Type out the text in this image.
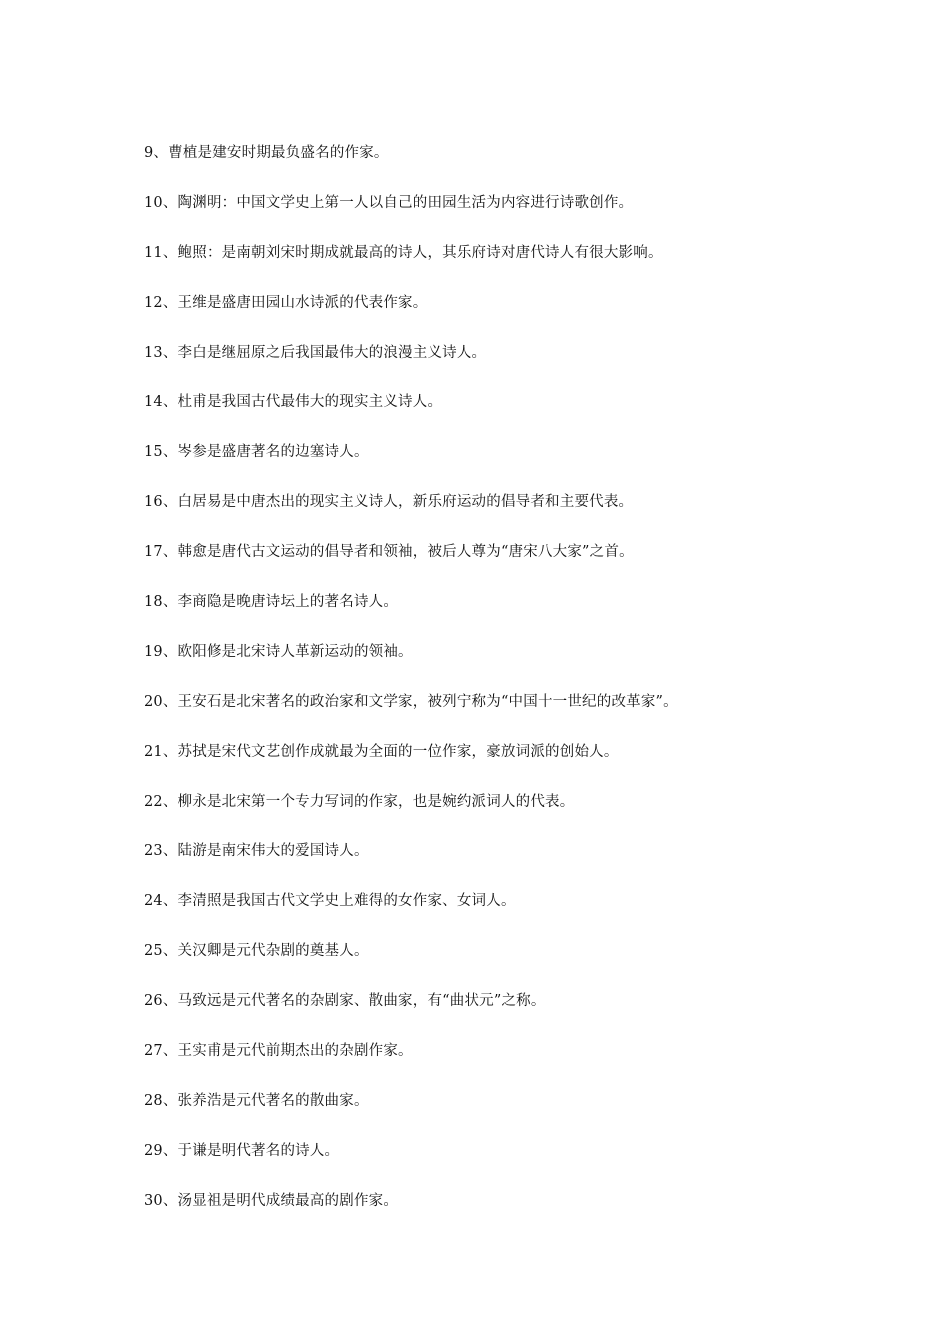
9、曹植是建安时期最负盛名的作家。
10、陶渊明：中国文学史上第一人以自己的田园生活为内容进行诗歌创作。
11、鲍照：是南朝刘宋时期成就最高的诗人，其乐府诗对唐代诗人有很大影响。
12、王维是盛唐田园山水诗派的代表作家。
13、李白是继屈原之后我国最伟大的浪漫主义诗人。
14、杜甫是我国古代最伟大的现实主义诗人。
15、岑参是盛唐著名的边塞诗人。
16、白居易是中唐杰出的现实主义诗人，新乐府运动的倡导者和主要代表。
17、韩愈是唐代古文运动的倡导者和领袖，被后人尊为“唐宋八大家”之首。
18、李商隐是晚唐诗坛上的著名诗人。
19、欧阳修是北宋诗人革新运动的领袖。
20、王安石是北宋著名的政治家和文学家，被列宁称为“中国十一世纪的改革家”。
21、苏拭是宋代文艺创作成就最为全面的一位作家，豪放词派的创始人。
22、柳永是北宋第一个专力写词的作家，也是婉约派词人的代表。
23、陆游是南宋伟大的爱国诗人。
24、李清照是我国古代文学史上难得的女作家、女词人。
25、关汉卿是元代杂剧的奠基人。
26、马致远是元代著名的杂剧家、散曲家，有“曲状元”之称。
27、王实甫是元代前期杰出的杂剧作家。
28、张养浩是元代著名的散曲家。
29、于谦是明代著名的诗人。
30、汤显祖是明代成绩最高的剧作家。
